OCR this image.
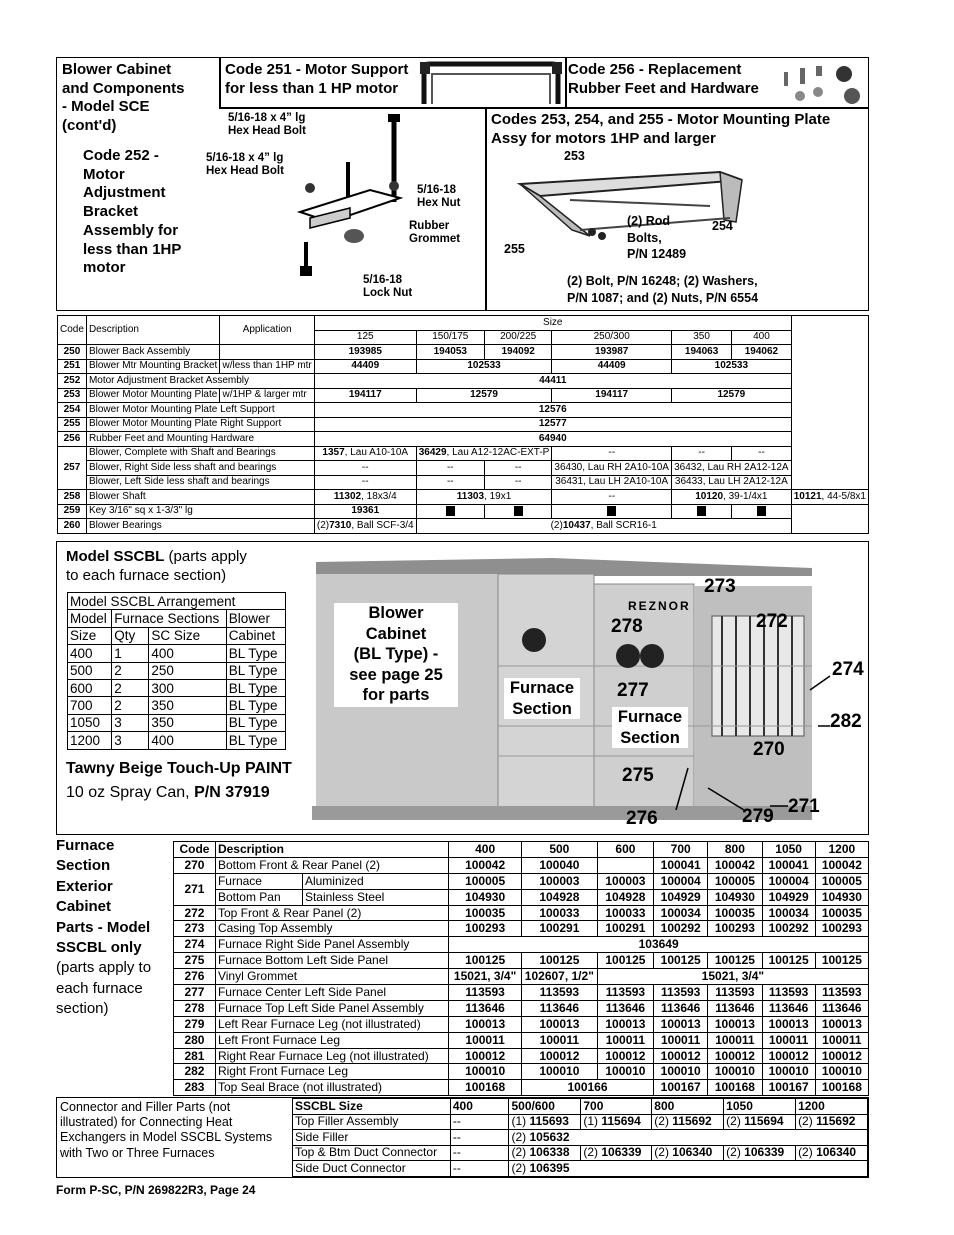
Blower Cabinet
and Components
- Model SCE
(cont'd)
Code 252 -
Motor
Adjustment
Bracket
Assembly for
less than 1HP
motor
Code 251 - Motor Support
for less than 1 HP motor
Code 256 - Replacement
Rubber Feet and Hardware
Codes 253, 254, and 255 - Motor Mounting Plate
Assy for motors 1HP and larger
5/16-18 x 4” lg
Hex Head Bolt
5/16-18 x 4” lg
Hex Head Bolt
5/16-18
Hex Nut
Rubber
Grommet
5/16-18
Lock Nut
253
254
255
(2) Rod
Bolts,
P/N 12489
(2) Bolt, P/N 16248; (2) Washers,
P/N 1087; and (2) Nuts, P/N 6554
Code	Description	Application	Size						
			125	150/175	200/225	250/300	350	400	
250	Blower Back Assembly		193985	194053	194092	193987	194063	194062	
251	Blower Mtr Mounting Bracket	w/less than 1HP mtr	44409	102533		44409	102533		
252	Motor Adjustment Bracket Assembly		44411						
253	Blower Motor Mounting Plate	w/1HP & larger mtr	194117	12579		194117	12579		
254	Blower Motor Mounting Plate Left Support		12576						
255	Blower Motor Mounting Plate Right Support		12577						
256	Rubber Feet and Mounting Hardware		64940						
257	Blower, Complete with Shaft and Bearings		1357, Lau A10-10A	36429, Lau A12-12AC-EXT-P		--	--	--	
	Blower, Right Side less shaft and bearings		--	--	--	36430, Lau RH 2A10-10A	36432, Lau RH 2A12-12A		
	Blower, Left Side less shaft and bearings		--	--	--	36431, Lau LH 2A10-10A	36433, Lau LH 2A12-12A		
258	Blower Shaft		11302, 18x3/4	11303, 19x1		--	10120, 39-1/4x1		10121, 44-5/8x1
259	Key 3/16" sq x 1-3/3" lg		19361						
260	Blower Bearings		(2)7310, Ball SCF-3/4	(2)10437, Ball SCR16-1					
Model SSCBL (parts apply
to each furnace section)
Model SSCBL Arrangement			
Model	Furnace Sections		Blower
Size	Qty	SC Size	Cabinet
400	1	400	BL Type
500	2	250	BL Type
600	2	300	BL Type
700	2	350	BL Type
1050	3	350	BL Type
1200	3	400	BL Type
Tawny Beige Touch-Up PAINT
10 oz Spray Can, P/N 37919
REZNOR
Blower
Cabinet
(BL Type) -
see page 25
for parts	Furnace
Section	Furnace
Section
273
272
278
274
277
282
270
275
276	279 271
Furnace
Section
Exterior
Cabinet
Parts - Model
SSCBL only
(parts apply to
each furnace
section)
Code	Description		400	500	600	700	800	1050	1200
270	Bottom Front & Rear Panel (2)		100042	100040		100041	100042	100041	100042
271	Furnace	Aluminized	100005	100003	100003	100004	100005	100004	100005
	Bottom Pan	Stainless Steel	104930	104928	104928	104929	104930	104929	104930
272	Top Front & Rear Panel (2)		100035	100033	100033	100034	100035	100034	100035
273	Casing Top Assembly		100293	100291	100291	100292	100293	100292	100293
274	Furnace Right Side Panel Assembly		103649						
275	Furnace Bottom Left Side Panel		100125	100125	100125	100125	100125	100125	100125
276	Vinyl Grommet		15021, 3/4"	102607, 1/2"	15021, 3/4"				
277	Furnace Center Left Side Panel		113593	113593	113593	113593	113593	113593	113593
278	Furnace Top Left Side Panel Assembly		113646	113646	113646	113646	113646	113646	113646
279	Left Rear Furnace Leg (not illustrated)		100013	100013	100013	100013	100013	100013	100013
280	Left Front Furnace Leg		100011	100011	100011	100011	100011	100011	100011
281	Right Rear Furnace Leg (not illustrated)		100012	100012	100012	100012	100012	100012	100012
282	Right Front Furnace Leg		100010	100010	100010	100010	100010	100010	100010
283	Top Seal Brace (not illustrated)		100168	100166		100167	100168	100167	100168
Connector and Filler Parts (not
illustrated) for Connecting Heat
Exchangers in Model SSCBL Systems
with Two or Three Furnaces
SSCBL Size	400	500/600	700	800	1050	1200
Top Filler Assembly	--	(1) 115693	(1) 115694	(2) 115692	(2) 115694	(2) 115692
Side Filler	--	(2) 105632				
Top & Btm Duct Connector	--	(2) 106338	(2) 106339	(2) 106340	(2) 106339	(2) 106340
Side Duct Connector	--	(2) 106395				
Form P-SC, P/N 269822R3, Page 24
